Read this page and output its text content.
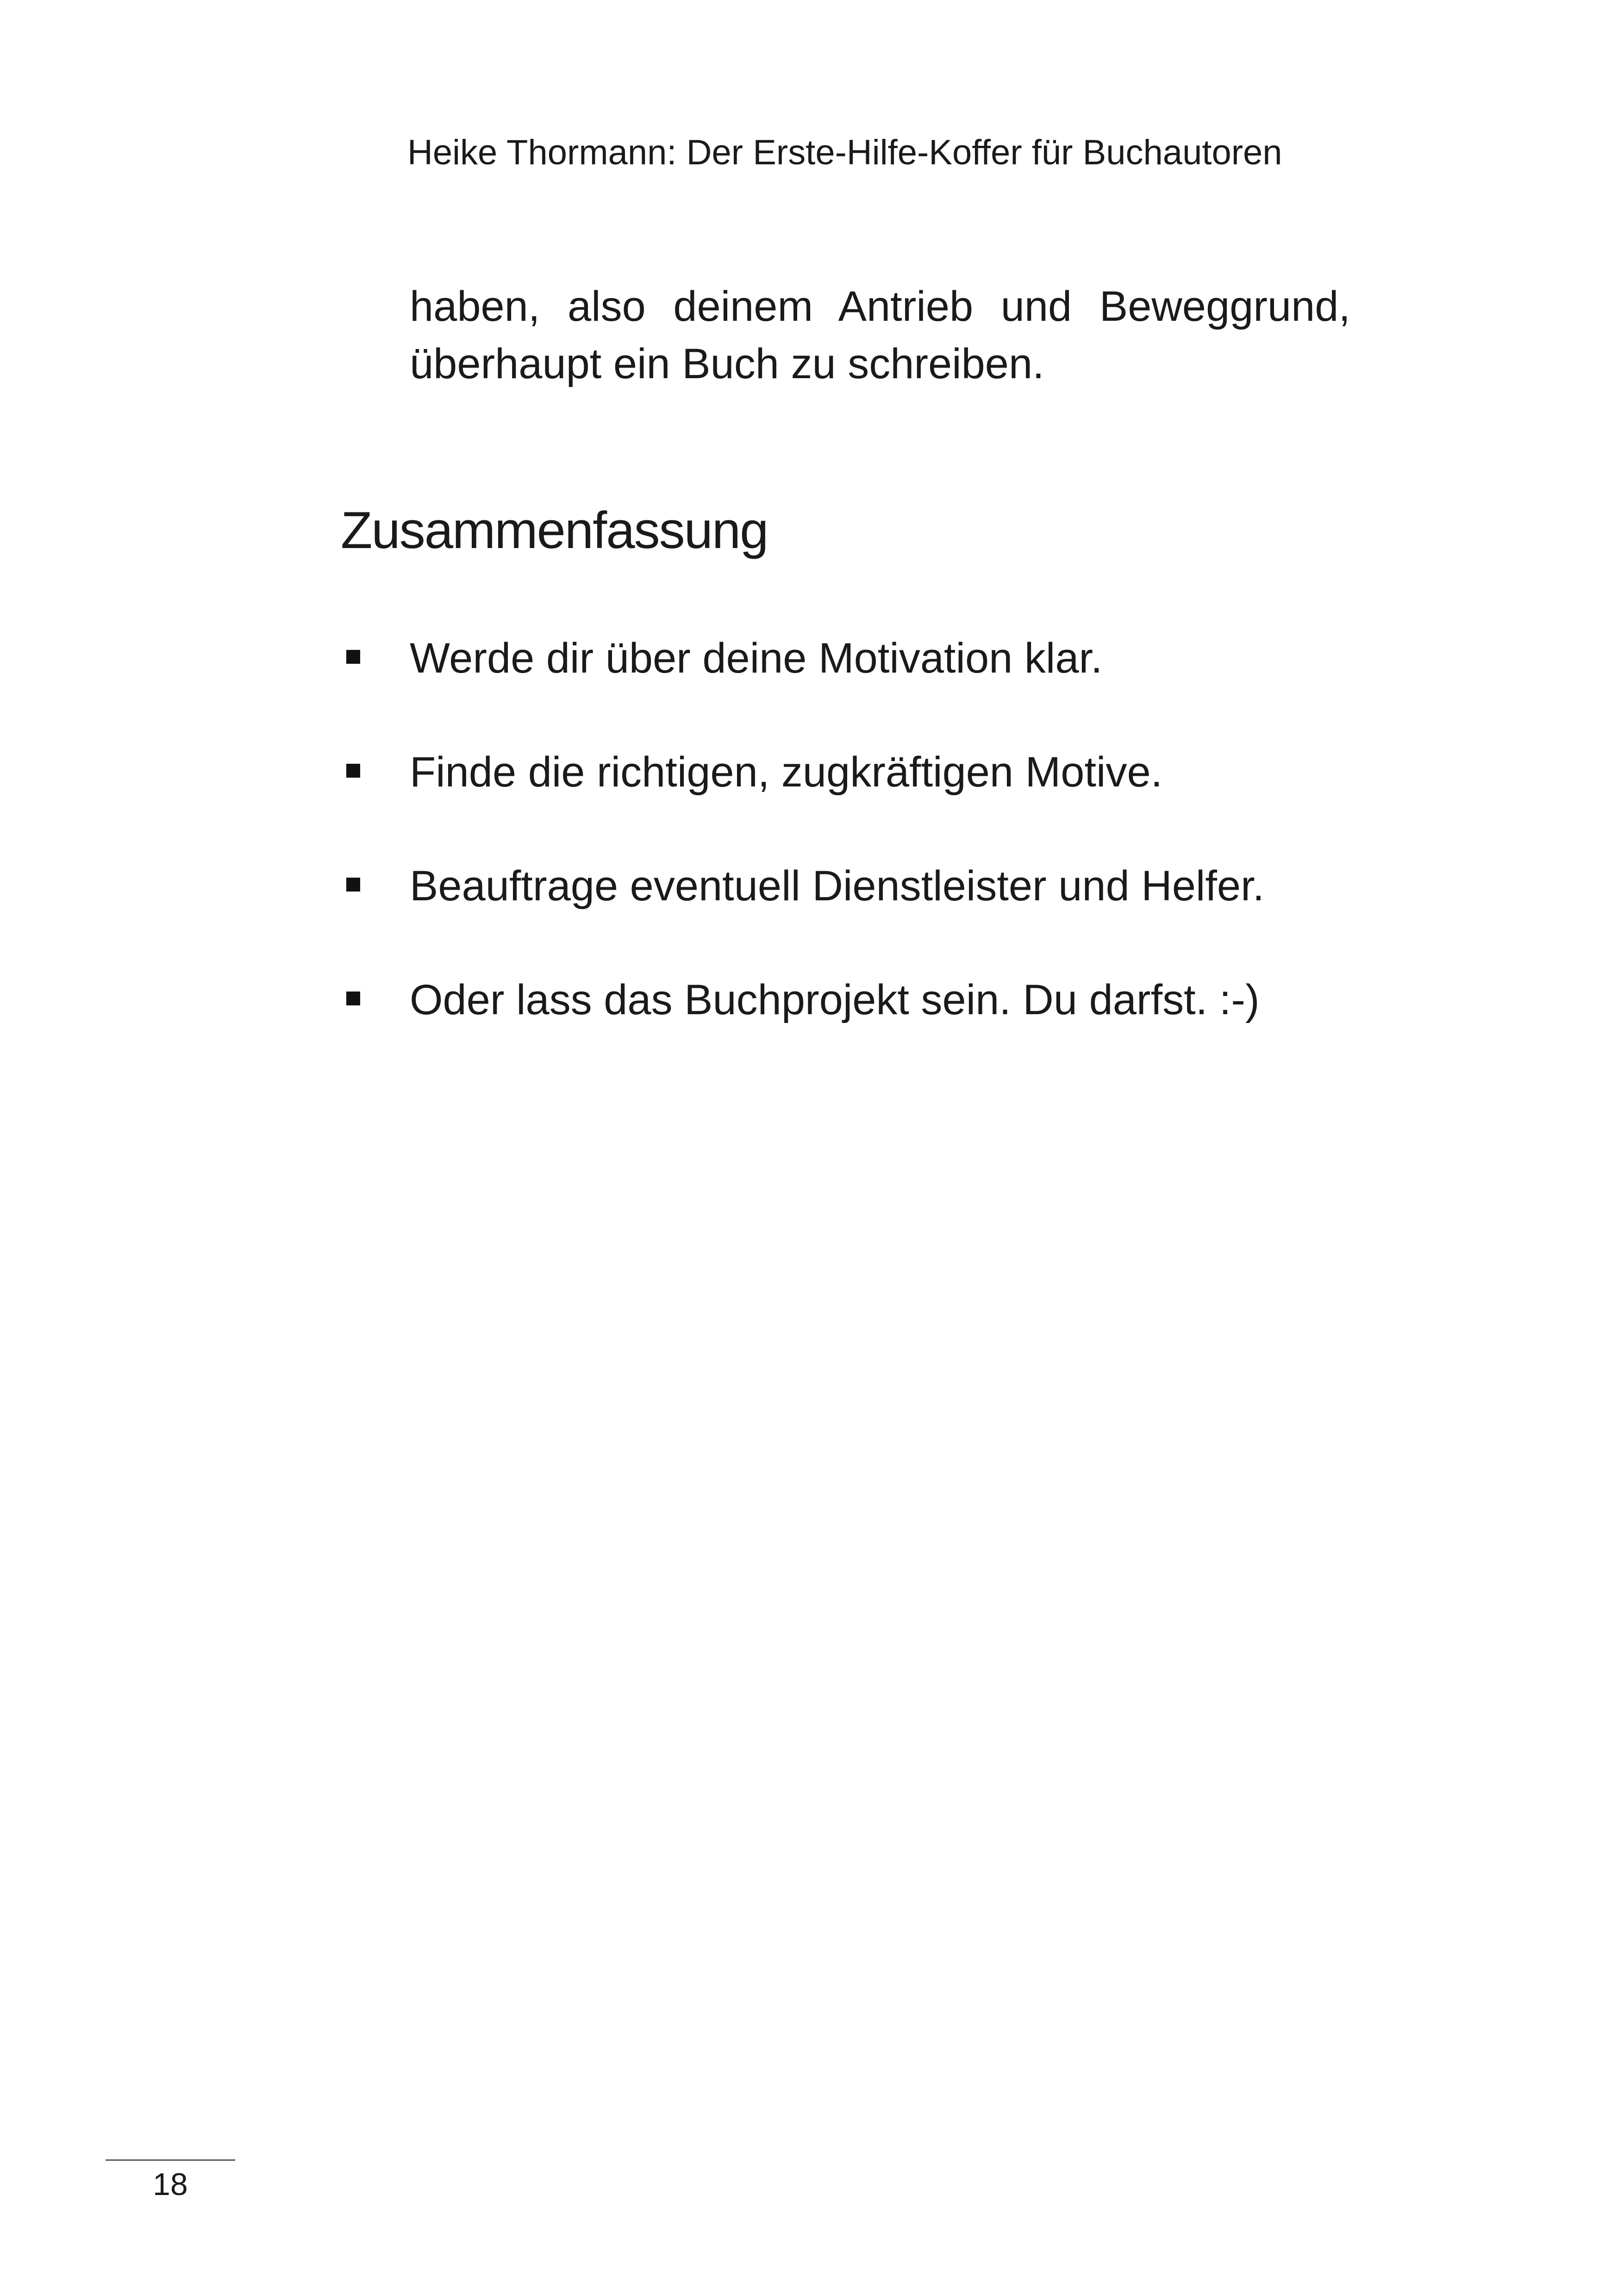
Heike Thormann: Der Erste-Hilfe-Koffer für Buchautoren

haben, also deinem Antrieb und Beweggrund, überhaupt ein Buch zu schreiben.

Zusammenfassung
Werde dir über deine Motivation klar.
Finde die richtigen, zugkräftigen Motive.
Beauftrage eventuell Dienstleister und Helfer.
Oder lass das Buchprojekt sein. Du darfst. :-)
18
